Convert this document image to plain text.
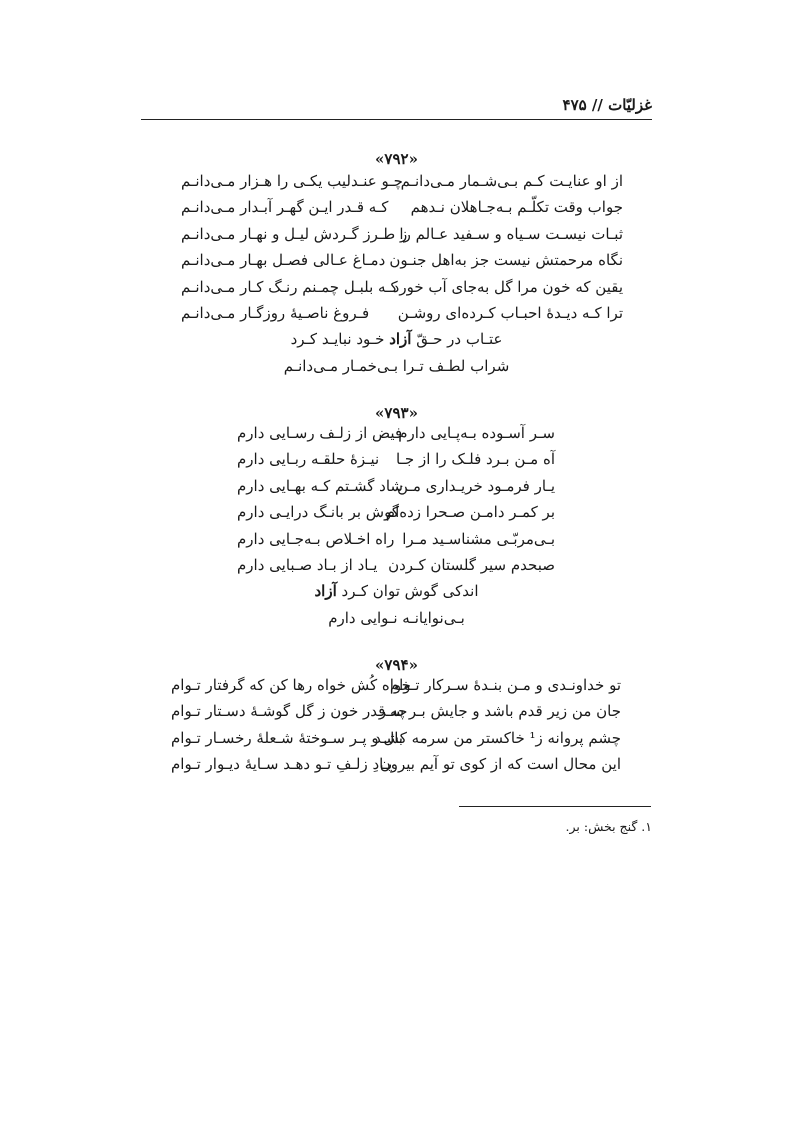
غزلیّات // ۴۷۵
«۷۹۲»
از او عنایـت کـم بـی‌شـمار مـی‌دانـم
چـو عنـدلیب یکـی را هـزار مـی‌دانـم
جواب وقت تکلّـم بـه‌جـاهلان نـدهم
کـه قـدر ایـن گهـر آبـدار مـی‌دانـم
ثبـات نیسـت سـیاه و سـفید عـالم را
ز طـرز گـردش لیـل و نهـار مـی‌دانـم
نگاه مرحمتش نیست جز به‌اهل جنـون
دمـاغ عـالی فصـل بهـار مـی‌دانـم
یقین که خون مرا گل به‌جای آب خورد
کـه بلبـل چمـنم رنـگ کـار مـی‌دانـم
ترا کـه دیـدۀ احبـاب کـرده‌ای روشـن
فـروغ ناصـیۀ روزگـار مـی‌دانـم
عتـاب در حـقّ آزاد خـود نبایـد کـرد
شراب لطـف تـرا بـی‌خمـار مـی‌دانـم
«۷۹۳»
سـر آسـوده بـه‌پـایی دارم
فیض از زلـف رسـایی دارم
آه مـن بـرد فلـک را از جـا
نیـزۀ حلقـه ربـایی دارم
یـار فرمـود خریـداری مـن
شاد گشـتم کـه بهـایی دارم
بر کمـر دامـن صـحرا زده‌ام
گوش بر بانـگ درایـی دارم
بـی‌مربّـی مشناسـید مـرا
راه اخـلاص بـه‌جـایی دارم
صبحدم سیر گلستان کـردن
یـاد از بـاد صـبایی دارم
اندکی گوش توان کـرد آزاد
بـی‌نوایانـه نـوایی دارم
«۷۹۴»
تو خداونـدی و مـن بنـدۀ سـرکار تـوام
خواه کُش خواه رها کن که گرفتار تـوام
جان من زیر قدم باشد و جایش بـر سـر
چه قدر خون ز گل گوشـۀ دسـتار تـوام
چشم پروانه ز¹ خاکستر من سرمه کشـد
بال و پـر سـوختۀ شـعلۀ رخسـار تـوام
این محال است که از کوی تو آیم بیرون
یـادِ زلـفِ تـو دهـد سـایۀ دیـوار تـوام
۱. گنج بخش: بر.
